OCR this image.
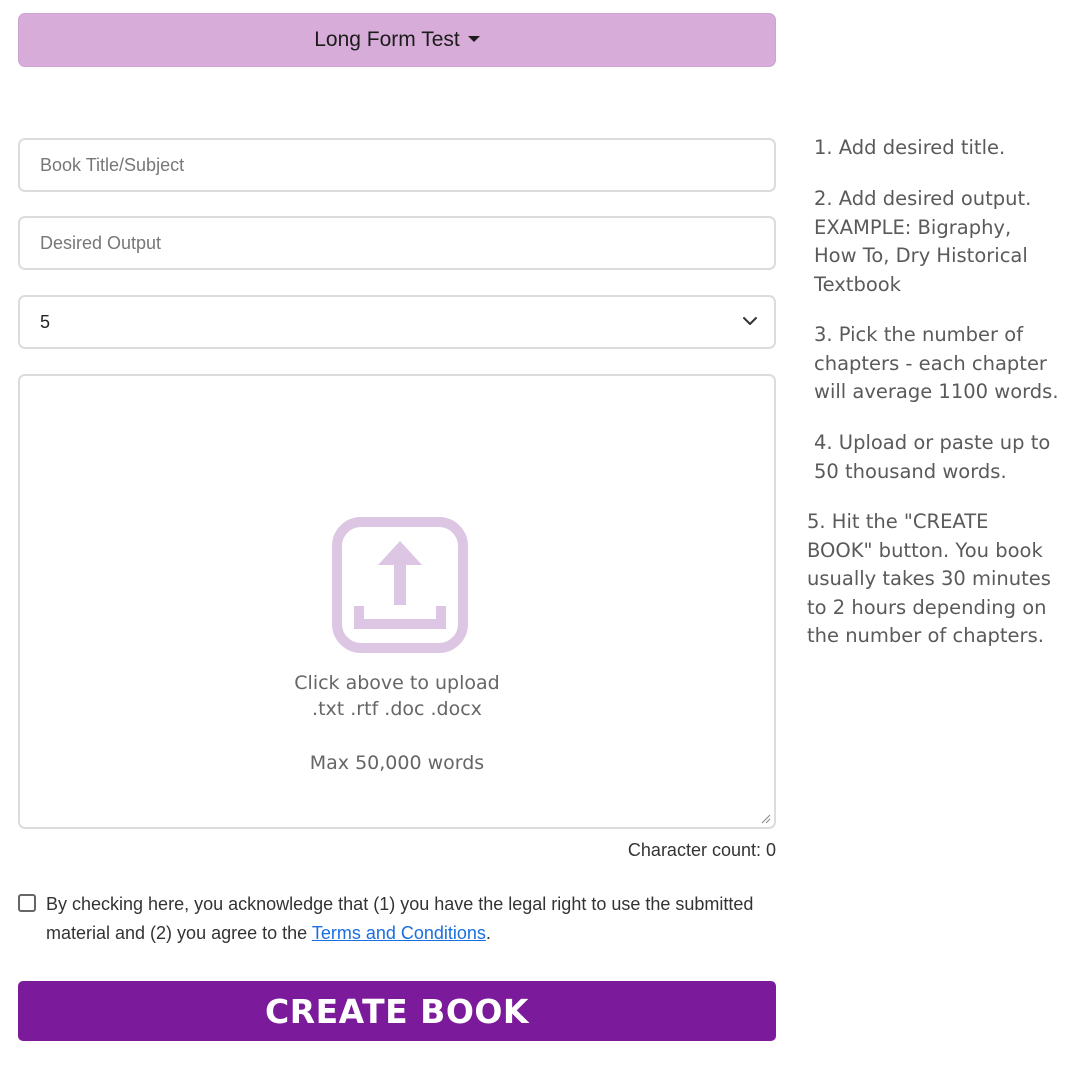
Long Form Test
Book Title/Subject
Desired Output
5
Click above to upload
.txt .rtf .doc .docx
Max 50,000 words
Character count: 0
By checking here, you acknowledge that (1) you have the legal right to use the submitted material and (2) you agree to the Terms and Conditions.
CREATE BOOK
1. Add desired title.
2. Add desired output.
EXAMPLE: Bigraphy,
How To, Dry Historical
Textbook
3. Pick the number of
chapters - each chapter
will average 1100 words.
4. Upload or paste up to
50 thousand words.
5. Hit the "CREATE
BOOK" button. You book
usually takes 30 minutes
to 2 hours depending on
the number of chapters.
